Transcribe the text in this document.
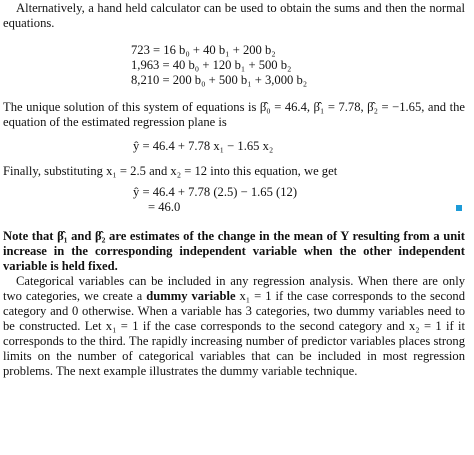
Alternatively, a hand held calculator can be used to obtain the sums and then the normal equations.

723 = 16 b₀ + 40 b₁ + 200 b₂

1,963 = 40 b₀ + 120 b₁ + 500 b₂

8,210 = 200 b₀ + 500 b₁ + 3,000 b₂

The unique solution of this system of equations is β̂₀ = 46.4, β̂₁ = 7.78, β̂₂ = −1.65, and the equation of the estimated regression plane is

ŷ = 46.4 + 7.78 x₁ − 1.65 x₂

Finally, substituting x₁ = 2.5 and x₂ = 12 into this equation, we get

ŷ = 46.4 + 7.78 (2.5) − 1.65 (12)

= 46.0

Note that β̂₁ and β̂₂ are estimates of the change in the mean of Y resulting from a unit increase in the corresponding independent variable when the other independent variable is held fixed.

Categorical variables can be included in any regression analysis. When there are only two categories, we create a dummy variable x₁ = 1 if the case corresponds to the second category and 0 otherwise. When a variable has 3 categories, two dummy variables need to be constructed. Let x₁ = 1 if the case corresponds to the second category and x₂ = 1 if it corresponds to the third. The rapidly increasing number of predictor variables places strong limits on the number of categorical variables that can be included in most regression problems. The next example illustrates the dummy variable technique.
